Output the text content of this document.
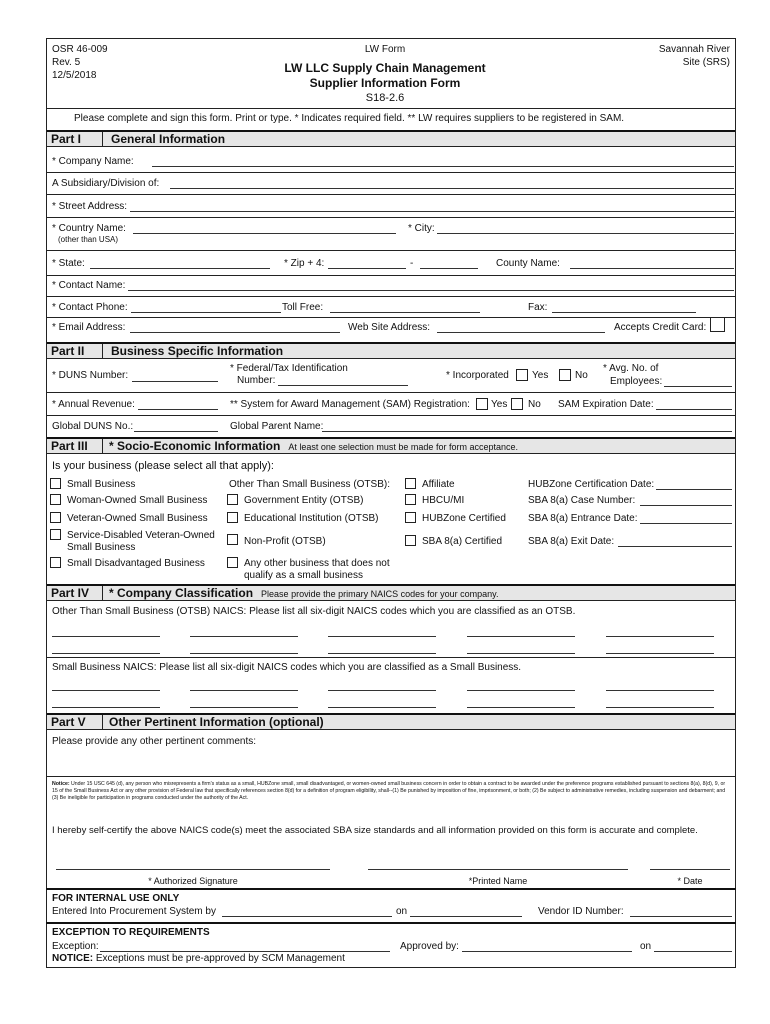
OSR 46-009
Rev. 5
12/5/2018
LW Form
LW LLC Supply Chain Management
Supplier Information Form
S18-2.6
Savannah River
Site (SRS)
Please complete and sign this form. Print or type. * Indicates required field. ** LW requires suppliers to be registered in SAM.
Part I	General Information
* Company Name:
A Subsidiary/Division of:
* Street Address:
* Country Name:
(other than USA)
* City:
* State:	* Zip + 4:	-	County Name:
* Contact Name:
* Contact Phone:	Toll Free:	Fax:
* Email Address:	Web Site Address:	Accepts Credit Card:
Part II	Business Specific Information
* DUNS Number:
* Federal/Tax Identification
Number:	* Incorporated Yes	No
* Avg. No. of
Employees:
* Annual Revenue:	** System for Award Management (SAM) Registration: Yes No SAM Expiration Date:
Global DUNS No.:	Global Parent Name:
Part III	* Socio-Economic Information At least one selection must be made for form acceptance.
Is your business (please select all that apply):
Small Business
Woman-Owned Small Business
Veteran-Owned Small Business
Service-Disabled Veteran-Owned
Small Business
Small Disadvantaged Business
Other Than Small Business (OTSB):
Government Entity (OTSB)
Educational Institution (OTSB)
Non-Profit (OTSB)
Any other business that does not
qualify as a small business
Affiliate
HBCU/MI
HUBZone Certified
SBA 8(a) Certified
HUBZone Certification Date:
SBA 8(a) Case Number:
SBA 8(a) Entrance Date:
SBA 8(a) Exit Date:
Part IV	* Company Classification Please provide the primary NAICS codes for your company.
Other Than Small Business (OTSB) NAICS: Please list all six-digit NAICS codes which you are classified as an OTSB.
Small Business NAICS: Please list all six-digit NAICS codes which you are classified as a Small Business.
Part V	Other Pertinent Information (optional)
Please provide any other pertinent comments:
Notice: Under 15 USC 645 (d), any person who misrepresents a firm's status as a small, HUBZone small, small disadvantaged, or women-owned small business concern in order to obtain a contract to be awarded under the preference programs established pursuant to sections 8(a), 8(d), 9, or 15 of the Small Business Act or any other provision of Federal law that specifically references section 8(d) for a definition of program eligibility, shall--(1) Be punished by imposition of fine, imprisonment, or both; (2) Be subject to administrative remedies, including suspension and debarment; and (3) Be ineligible for participation in programs conducted under the authority of the Act.
I hereby self-certify the above NAICS code(s) meet the associated SBA size standards and all information provided on this form is accurate and complete.
* Authorized Signature	*Printed Name	* Date
FOR INTERNAL USE ONLY
Entered Into Procurement System by	on	Vendor ID Number:
EXCEPTION TO REQUIREMENTS
Exception:	Approved by:	on
NOTICE: Exceptions must be pre-approved by SCM Management
